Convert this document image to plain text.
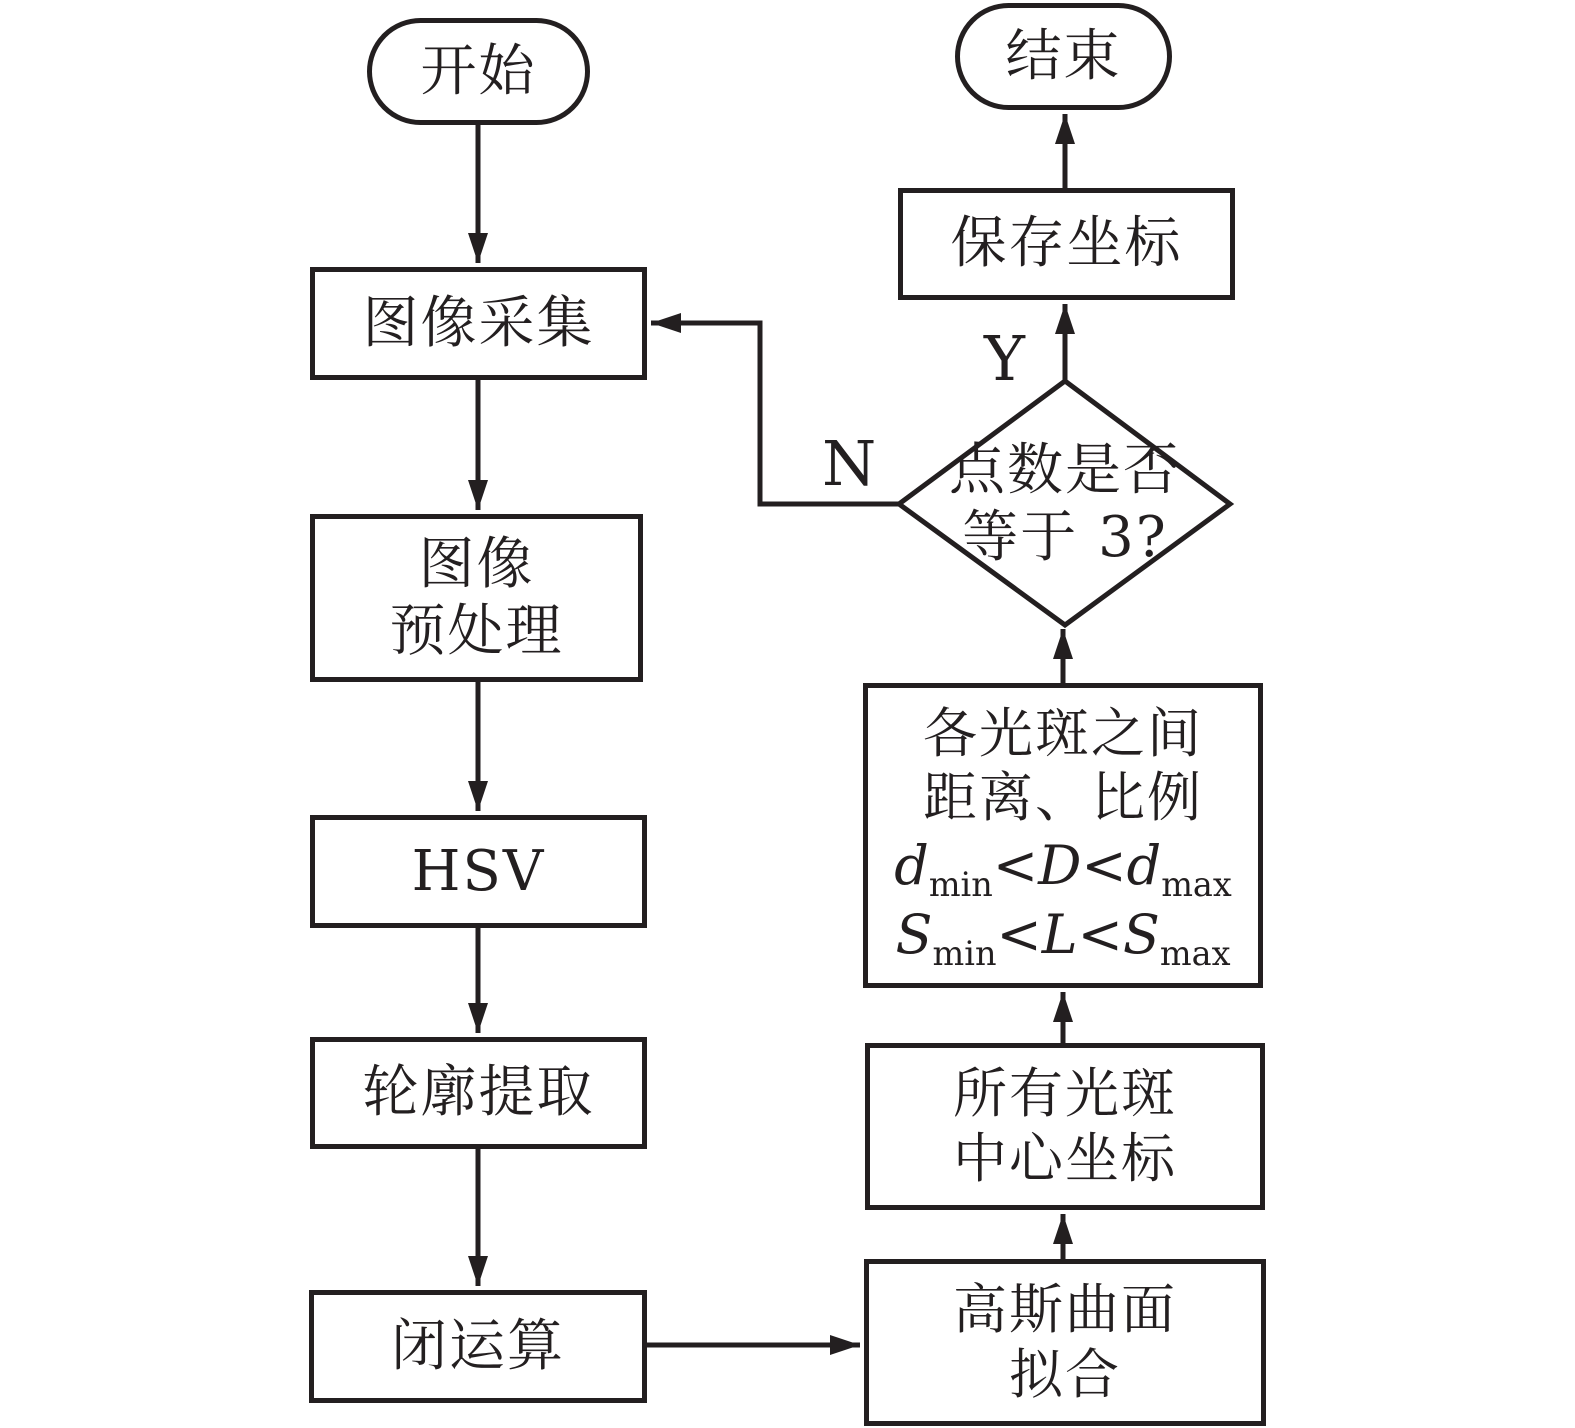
开始
图像采集
图像
预处理
HSV
轮廓提取
闭运算
高斯曲面
拟合
所有光斑
中心坐标
各光斑之间
距离、比例
$d_{min}<D<d_{max}$
$S_{min}<L<S_{max}$
点数是否
等于 3?
保存坐标
结束
N
Y
